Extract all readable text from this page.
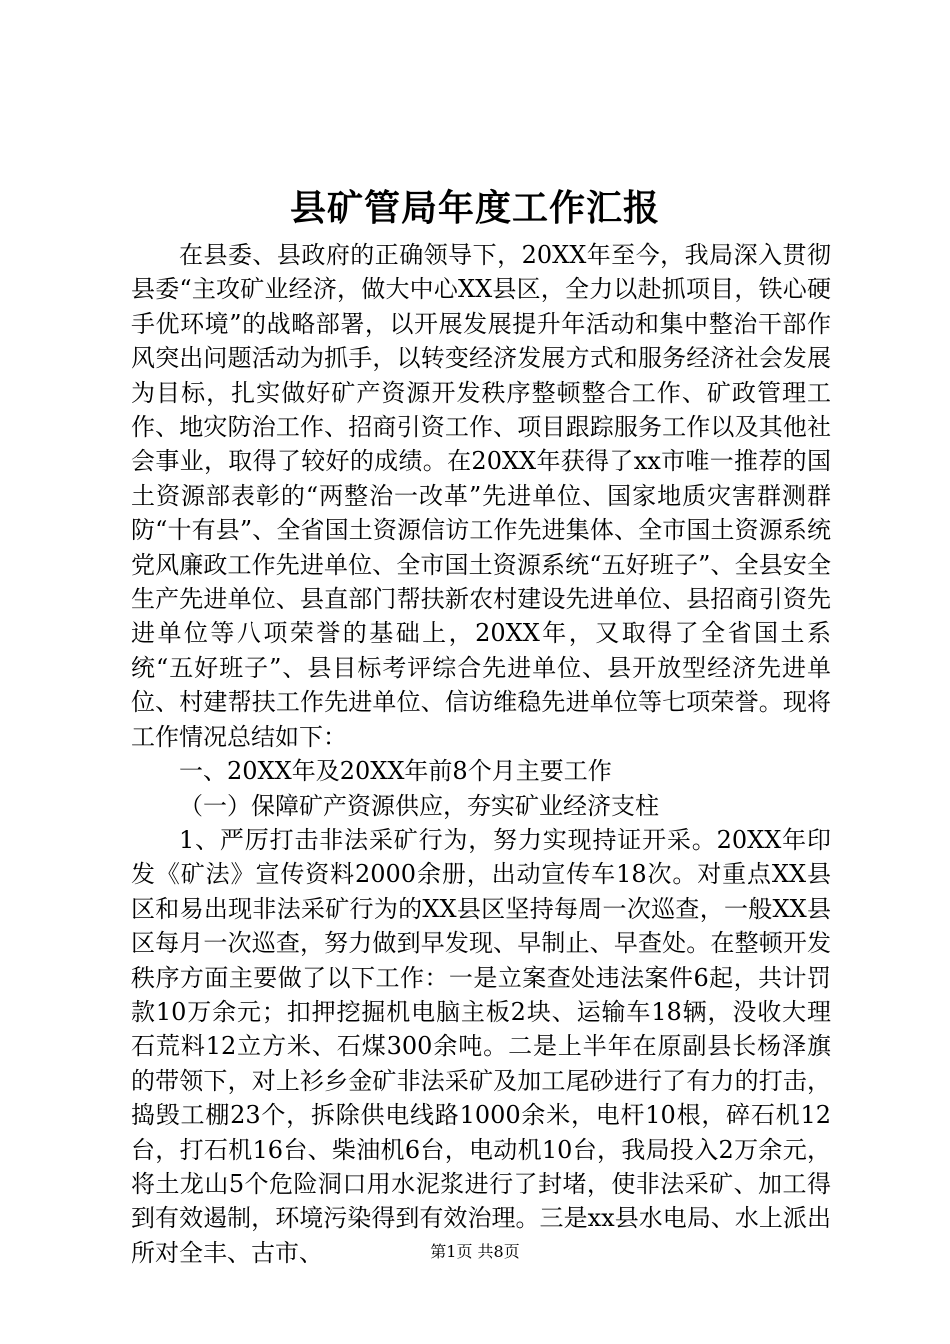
县矿管局年度工作汇报

在县委、县政府的正确领导下，20XX年至今，我局深入贯彻县委“主攻矿业经济，做大中心XX县区，全力以赴抓项目，铁心硬手优环境”的战略部署，以开展发展提升年活动和集中整治干部作风突出问题活动为抓手，以转变经济发展方式和服务经济社会发展为目标，扎实做好矿产资源开发秩序整顿整合工作、矿政管理工作、地灾防治工作、招商引资工作、项目跟踪服务工作以及其他社会事业，取得了较好的成绩。在20XX年获得了xx市唯一推荐的国土资源部表彰的“两整治一改革”先进单位、国家地质灾害群测群防“十有县”、全省国土资源信访工作先进集体、全市国土资源系统党风廉政工作先进单位、全市国土资源系统“五好班子”、全县安全生产先进单位、县直部门帮扶新农村建设先进单位、县招商引资先进单位等八项荣誉的基础上，20XX年，又取得了全省国土系统“五好班子”、县目标考评综合先进单位、县开放型经济先进单位、村建帮扶工作先进单位、信访维稳先进单位等七项荣誉。现将工作情况总结如下：

一、20XX年及20XX年前8个月主要工作

（一）保障矿产资源供应，夯实矿业经济支柱

1、严厉打击非法采矿行为，努力实现持证开采。20XX年印发《矿法》宣传资料2000余册，出动宣传车18次。对重点XX县区和易出现非法采矿行为的XX县区坚持每周一次巡查，一般XX县区每月一次巡查，努力做到早发现、早制止、早查处。在整顿开发秩序方面主要做了以下工作：一是立案查处违法案件6起，共计罚款10万余元；扣押挖掘机电脑主板2块、运输车18辆，没收大理石荒料12立方米、石煤300余吨。二是上半年在原副县长杨泽旗的带领下，对上衫乡金矿非法采矿及加工尾砂进行了有力的打击，捣毁工棚23个，拆除供电线路1000余米，电杆10根，碎石机12台，打石机16台、柴油机6台，电动机10台，我局投入2万余元，将土龙山5个危险洞口用水泥浆进行了封堵，使非法采矿、加工得到有效遏制，环境污染得到有效治理。三是xx县水电局、水上派出所对全丰、古市、	第1页 共8页
